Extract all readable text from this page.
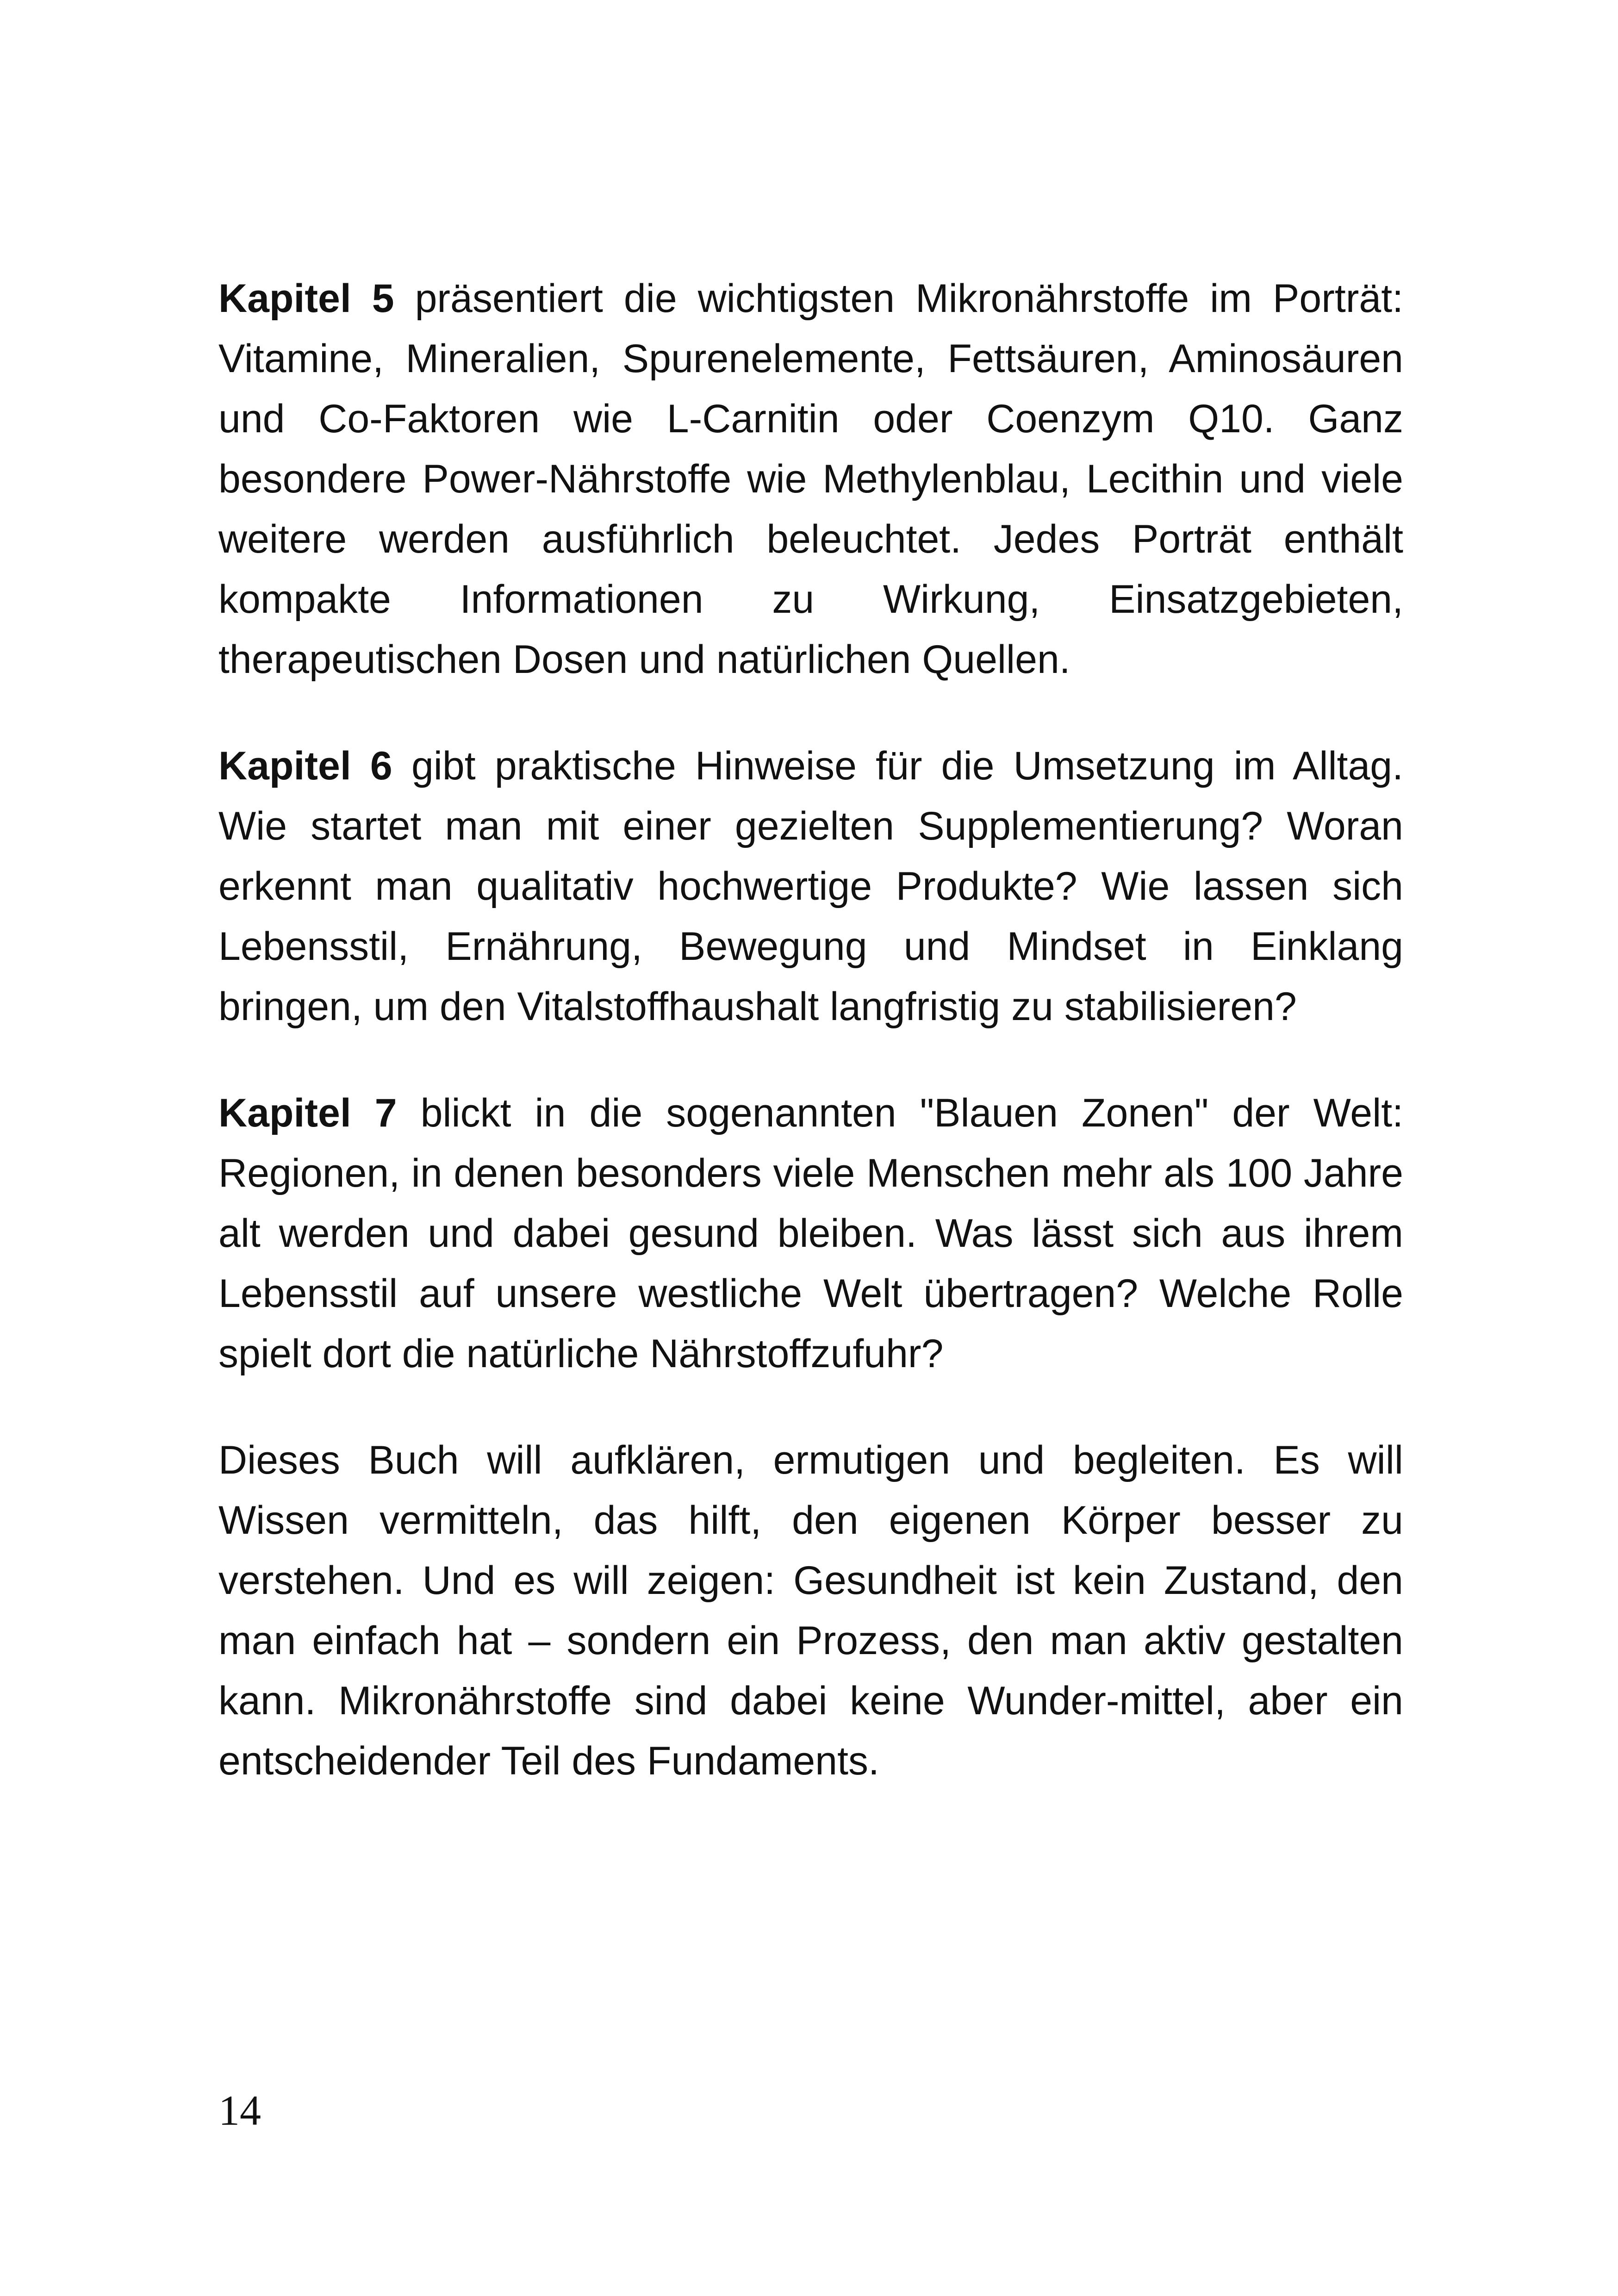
Kapitel 5 präsentiert die wichtigsten Mikronährstoffe im Porträt: Vitamine, Mineralien, Spurenelemente, Fettsäuren, Aminosäuren und Co-Faktoren wie L-Carnitin oder Coenzym Q10. Ganz besondere Power-Nährstoffe wie Methylenblau, Lecithin und viele weitere werden ausführlich beleuchtet. Jedes Porträt enthält kompakte Informationen zu Wirkung, Einsatzgebieten, therapeutischen Dosen und natürlichen Quellen.

Kapitel 6 gibt praktische Hinweise für die Umsetzung im Alltag. Wie startet man mit einer gezielten Supplementierung? Woran erkennt man qualitativ hochwertige Produkte? Wie lassen sich Lebensstil, Ernährung, Bewegung und Mindset in Einklang bringen, um den Vitalstoffhaushalt langfristig zu stabilisieren?

Kapitel 7 blickt in die sogenannten "Blauen Zonen" der Welt: Regionen, in denen besonders viele Menschen mehr als 100 Jahre alt werden und dabei gesund bleiben. Was lässt sich aus ihrem Lebensstil auf unsere westliche Welt übertragen? Welche Rolle spielt dort die natürliche Nährstoffzufuhr?

Dieses Buch will aufklären, ermutigen und begleiten. Es will Wissen vermitteln, das hilft, den eigenen Körper besser zu verstehen. Und es will zeigen: Gesundheit ist kein Zustand, den man einfach hat – sondern ein Prozess, den man aktiv gestalten kann. Mikronährstoffe sind dabei keine Wunder-mittel, aber ein entscheidender Teil des Fundaments.

14
